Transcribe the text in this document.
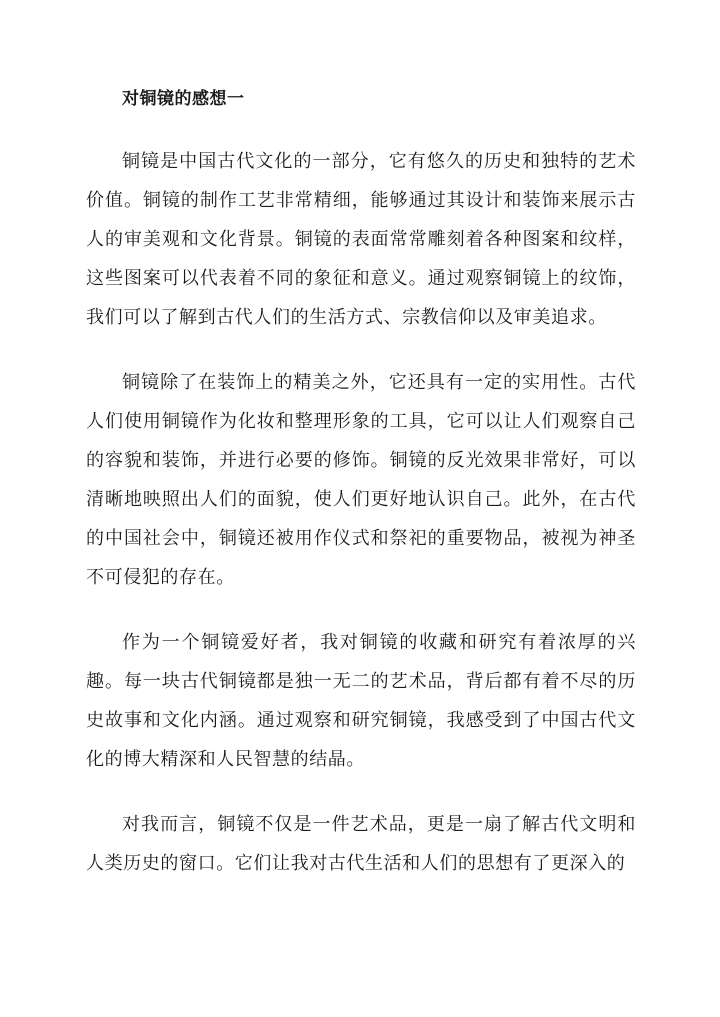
对铜镜的感想一

铜镜是中国古代文化的一部分，它有悠久的历史和独特的艺术价值。铜镜的制作工艺非常精细，能够通过其设计和装饰来展示古人的审美观和文化背景。铜镜的表面常常雕刻着各种图案和纹样，这些图案可以代表着不同的象征和意义。通过观察铜镜上的纹饰，我们可以了解到古代人们的生活方式、宗教信仰以及审美追求。

铜镜除了在装饰上的精美之外，它还具有一定的实用性。古代人们使用铜镜作为化妆和整理形象的工具，它可以让人们观察自己的容貌和装饰，并进行必要的修饰。铜镜的反光效果非常好，可以清晰地映照出人们的面貌，使人们更好地认识自己。此外，在古代的中国社会中，铜镜还被用作仪式和祭祀的重要物品，被视为神圣不可侵犯的存在。

作为一个铜镜爱好者，我对铜镜的收藏和研究有着浓厚的兴趣。每一块古代铜镜都是独一无二的艺术品，背后都有着不尽的历史故事和文化内涵。通过观察和研究铜镜，我感受到了中国古代文化的博大精深和人民智慧的结晶。

对我而言，铜镜不仅是一件艺术品，更是一扇了解古代文明和人类历史的窗口。它们让我对古代生活和人们的思想有了更深入的
